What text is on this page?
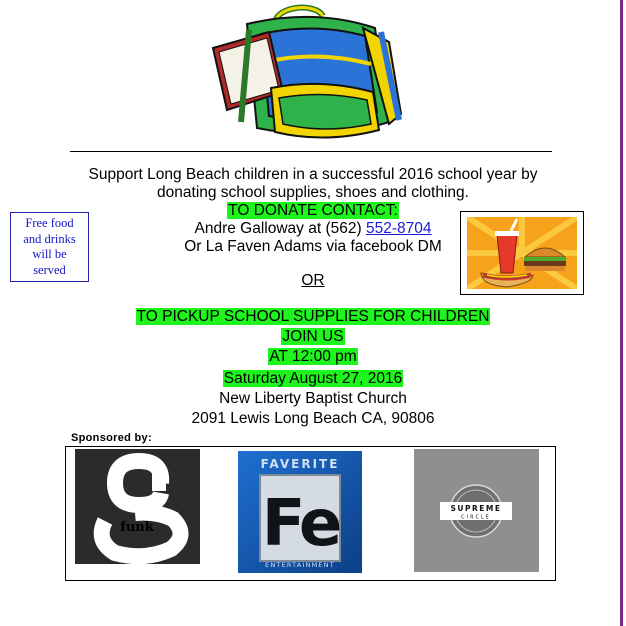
Support Long Beach children in a successful 2016 school year by
donating school supplies, shoes and clothing.
TO DONATE CONTACT:
Andre Galloway at (562) 552-8704
Or La Faven Adams via facebook DM
OR
TO PICKUP SCHOOL SUPPLIES FOR CHILDREN
JOIN US
AT 12:00 pm
Saturday August 27, 2016
New Liberty Baptist Church
2091 Lewis Long Beach CA, 90806
Free food
and drinks
will be
served
Sponsored by:
funk
FAVERITE
Fe
ENTERTAINMENT
SUPREME
CIRCLE
